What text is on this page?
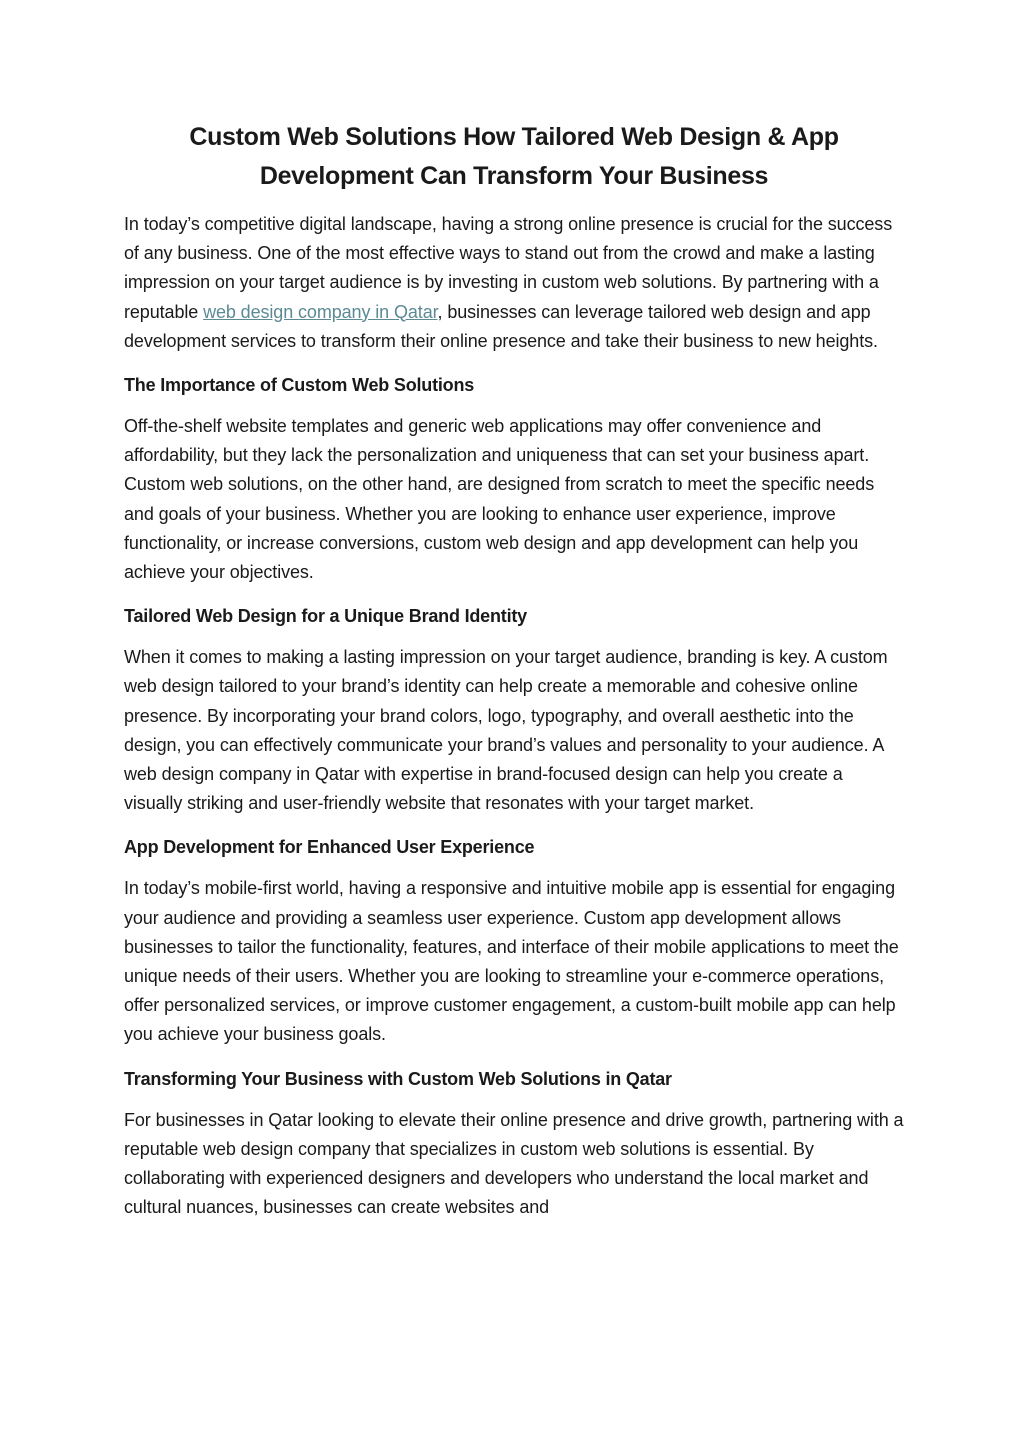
Custom Web Solutions How Tailored Web Design & App Development Can Transform Your Business

In today’s competitive digital landscape, having a strong online presence is crucial for the success of any business. One of the most effective ways to stand out from the crowd and make a lasting impression on your target audience is by investing in custom web solutions. By partnering with a reputable web design company in Qatar, businesses can leverage tailored web design and app development services to transform their online presence and take their business to new heights.

The Importance of Custom Web Solutions

Off-the-shelf website templates and generic web applications may offer convenience and affordability, but they lack the personalization and uniqueness that can set your business apart. Custom web solutions, on the other hand, are designed from scratch to meet the specific needs and goals of your business. Whether you are looking to enhance user experience, improve functionality, or increase conversions, custom web design and app development can help you achieve your objectives.

Tailored Web Design for a Unique Brand Identity

When it comes to making a lasting impression on your target audience, branding is key. A custom web design tailored to your brand’s identity can help create a memorable and cohesive online presence. By incorporating your brand colors, logo, typography, and overall aesthetic into the design, you can effectively communicate your brand’s values and personality to your audience. A web design company in Qatar with expertise in brand-focused design can help you create a visually striking and user-friendly website that resonates with your target market.

App Development for Enhanced User Experience

In today’s mobile-first world, having a responsive and intuitive mobile app is essential for engaging your audience and providing a seamless user experience. Custom app development allows businesses to tailor the functionality, features, and interface of their mobile applications to meet the unique needs of their users. Whether you are looking to streamline your e-commerce operations, offer personalized services, or improve customer engagement, a custom-built mobile app can help you achieve your business goals.

Transforming Your Business with Custom Web Solutions in Qatar

For businesses in Qatar looking to elevate their online presence and drive growth, partnering with a reputable web design company that specializes in custom web solutions is essential. By collaborating with experienced designers and developers who understand the local market and cultural nuances, businesses can create websites and
